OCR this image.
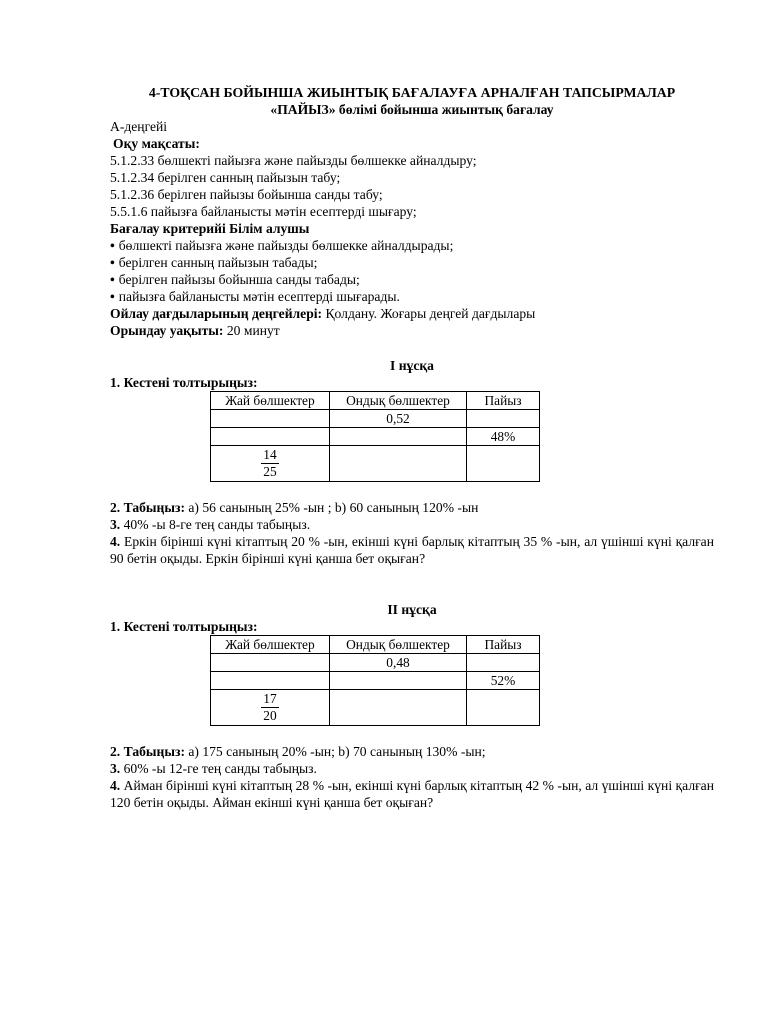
4-ТОҚСАН БОЙЫНША ЖИЫНТЫҚ БАҒАЛАУҒА АРНАЛҒАН ТАПСЫРМАЛАР
«ПАЙЫЗ» бөлімі бойынша жиынтық бағалау
А-деңгейі
Оқу мақсаты:
5.1.2.33 бөлшекті пайызға және пайызды бөлшекке айналдыру;
5.1.2.34 берілген санның пайызын табу;
5.1.2.36 берілген пайызы бойынша санды табу;
5.5.1.6 пайызға байланысты мәтін есептерді шығару;
Бағалау критерийі Білім алушы
• бөлшекті пайызға және пайызды бөлшекке айналдырады;
• берілген санның пайызын табады;
• берілген пайызы бойынша санды табады;
• пайызға байланысты мәтін есептерді шығарады.
Ойлау дағдыларының деңгейлері: Қолдану. Жоғары деңгей дағдылары
Орындау уақыты: 20 минут
I нұсқа
1. Кестені толтырыңыз:
Жай бөлшектер	Ондық бөлшектер	Пайыз
	0,52	
		48%

$\frac{14}{25}$

2. Табыңыз: а) 56 санының 25% -ын ; b) 60 санының 120% -ын
3. 40% -ы 8-ге тең санды табыңыз.
4. Еркін бірінші күні кітаптың 20 % -ын, екінші күні барлық кітаптың 35 % -ын, ал үшінші күні қалған 90 бетін оқыды. Еркін бірінші күні қанша бет оқыған?
II нұсқа
1. Кестені толтырыңыз:
Жай бөлшектер	Ондық бөлшектер	Пайыз
	0,48	
		52%

$\frac{17}{20}$

2. Табыңыз: а) 175 санының 20% -ын; b) 70 санының 130% -ын;
3. 60% -ы 12-ге тең санды табыңыз.
4. Айман бірінші күні кітаптың 28 % -ын, екінші күні барлық кітаптың 42 % -ын, ал үшінші күні қалған 120 бетін оқыды. Айман екінші күні қанша бет оқыған?
